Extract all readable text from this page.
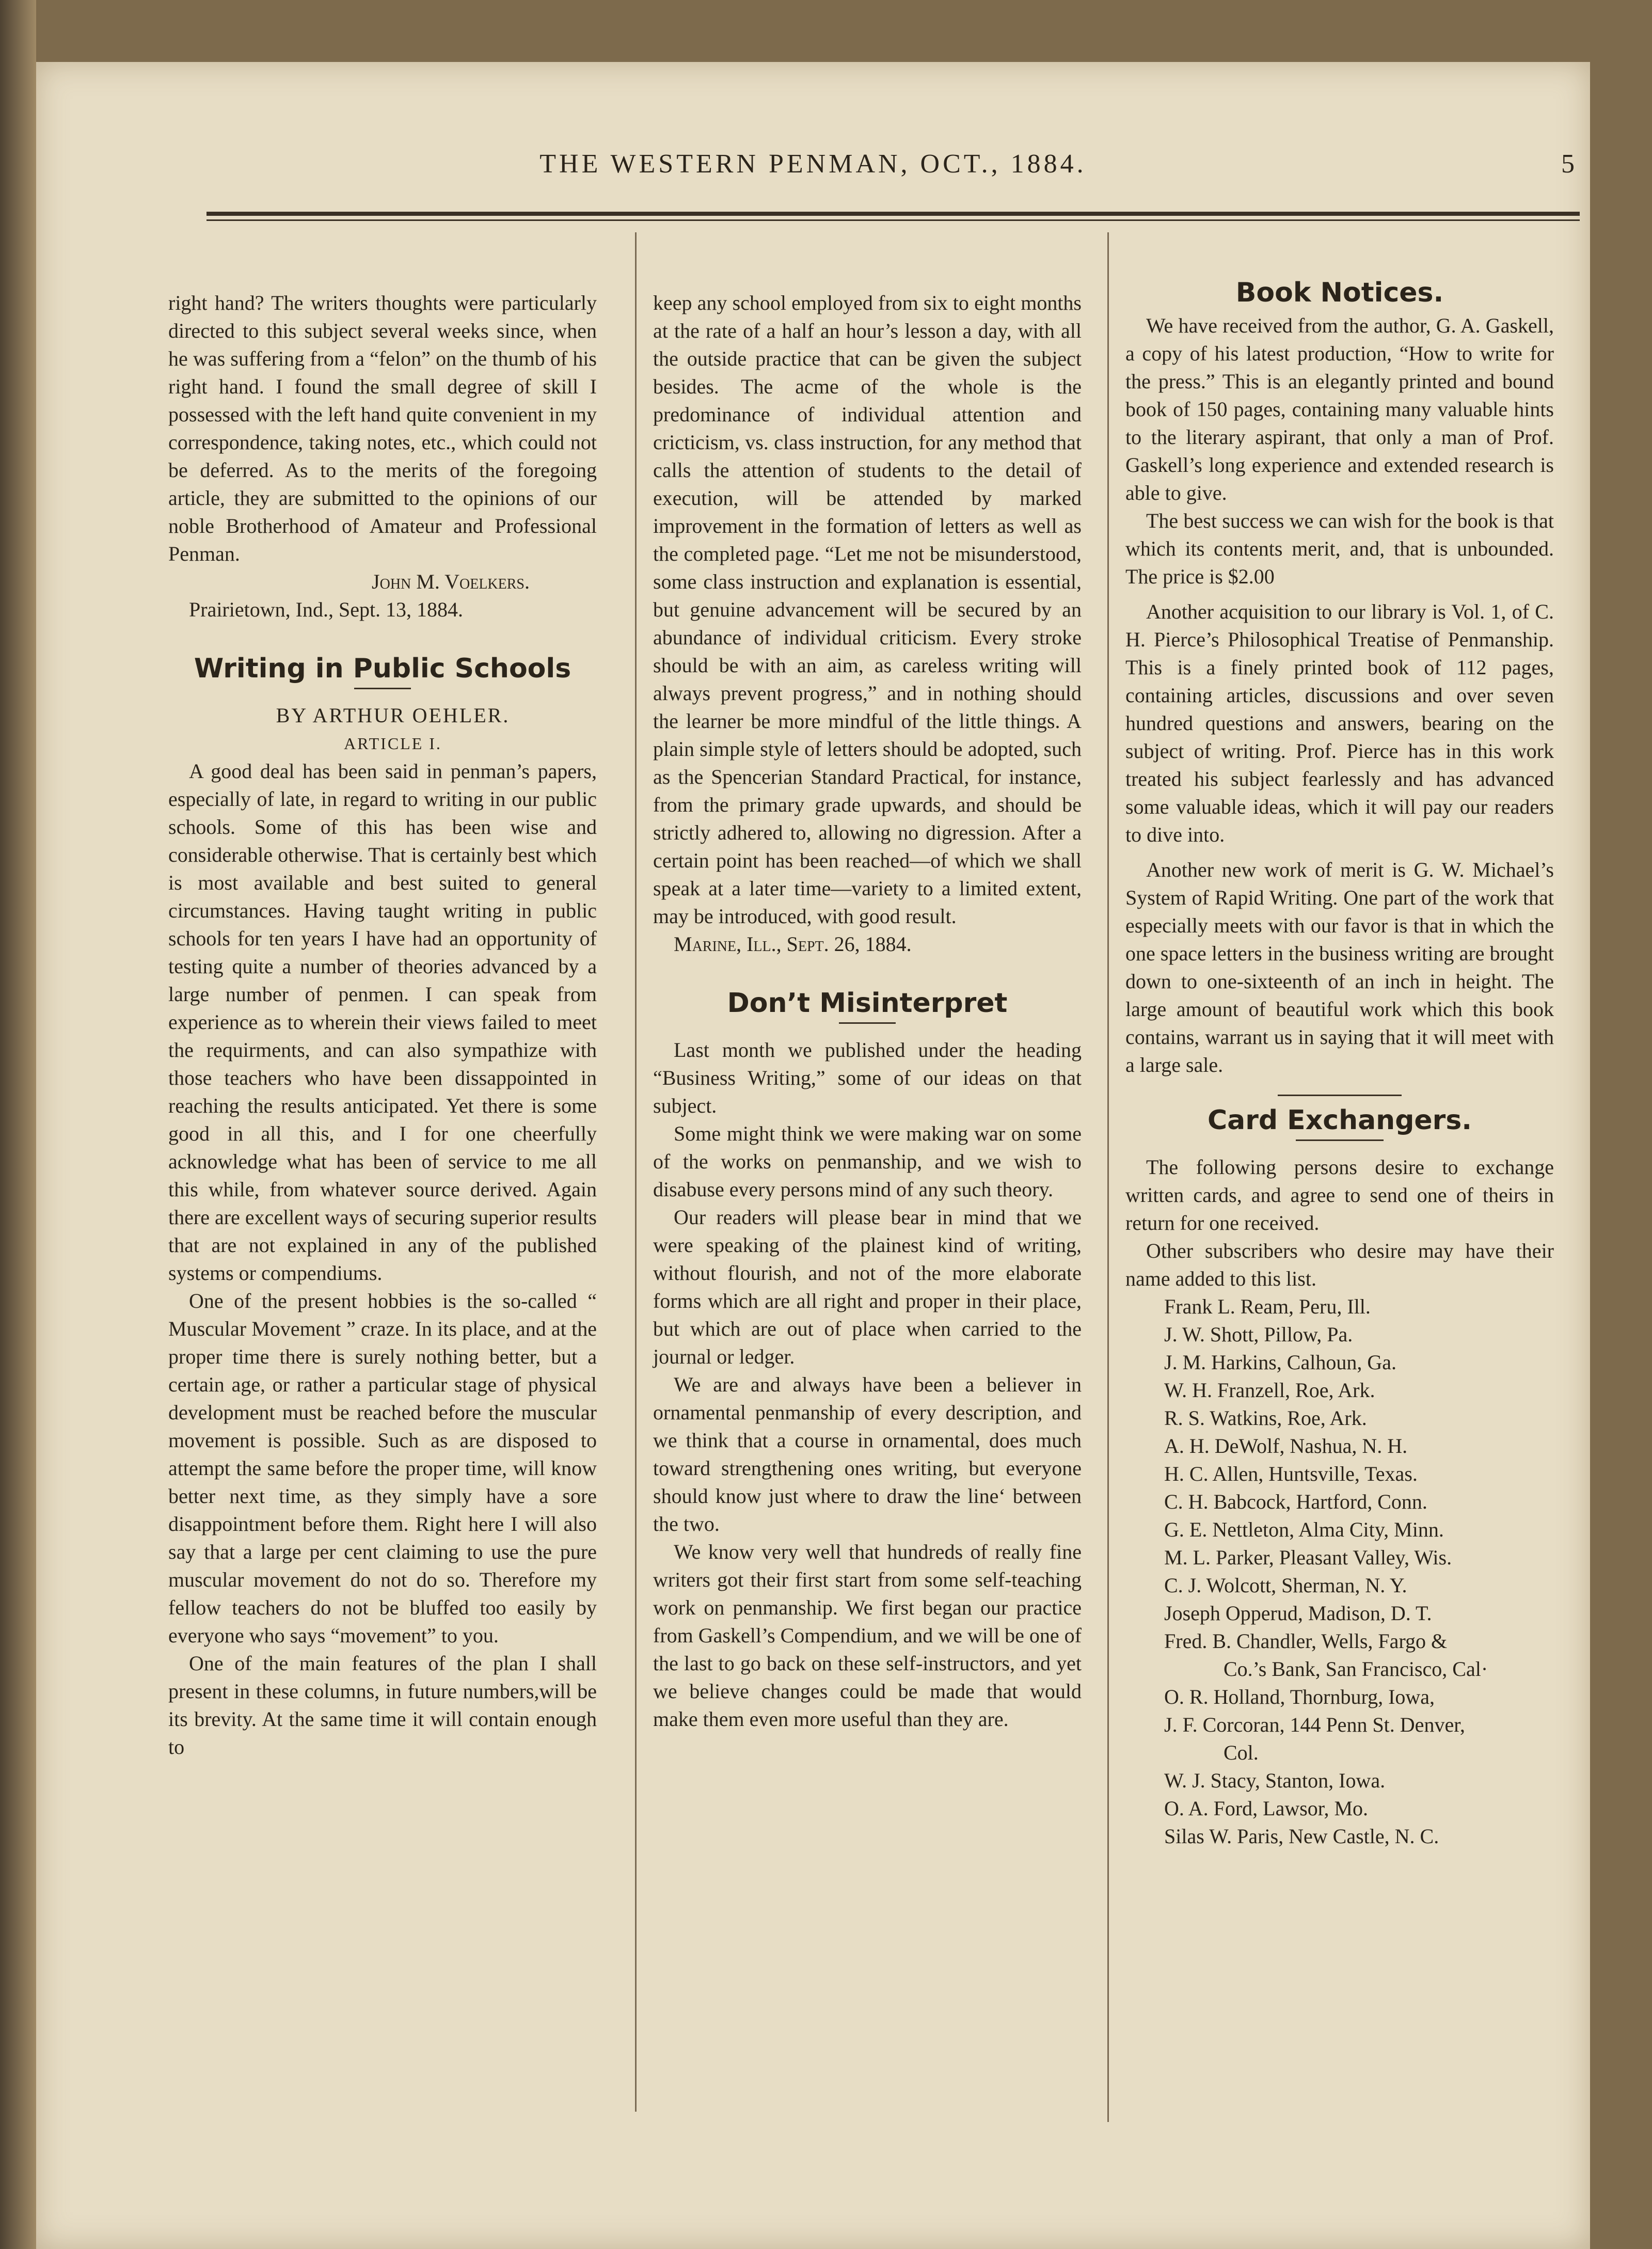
THE WESTERN PENMAN, OCT., 1884.	5

right hand? The writers thoughts were particularly directed to this subject several weeks since, when he was suffering from a “felon” on the thumb of his right hand. I found the small degree of skill I possessed with the left hand quite convenient in my correspondence, taking notes, etc., which could not be deferred. As to the merits of the foregoing article, they are submitted to the opinions of our noble Brotherhood of Amateur and Professional Penman.

John M. Voelkers.

Prairietown, Ind., Sept. 13, 1884.

Writing in Public Schools

BY ARTHUR OEHLER.

ARTICLE I.

A good deal has been said in penman’s papers, especially of late, in regard to writing in our public schools. Some of this has been wise and considerable otherwise. That is certainly best which is most available and best suited to general circumstances. Having taught writing in public schools for ten years I have had an opportunity of testing quite a number of theories advanced by a large number of penmen. I can speak from experience as to wherein their views failed to meet the requirments, and can also sympathize with those teachers who have been dissappointed in reaching the results anticipated. Yet there is some good in all this, and I for one cheerfully acknowledge what has been of service to me all this while, from whatever source derived. Again there are excellent ways of securing superior results that are not explained in any of the published systems or compendiums.

One of the present hobbies is the so-called “ Muscular Movement ” craze. In its place, and at the proper time there is surely nothing better, but a certain age, or rather a particular stage of physical development must be reached before the muscular movement is possible. Such as are disposed to attempt the same before the proper time, will know better next time, as they simply have a sore disappointment before them. Right here I will also say that a large per cent claiming to use the pure muscular movement do not do so. Therefore my fellow teachers do not be bluffed too easily by everyone who says “movement” to you.

One of the main features of the plan I shall present in these columns, in future numbers,will be its brevity. At the same time it will contain enough to

keep any school employed from six to eight months at the rate of a half an hour’s lesson a day, with all the outside practice that can be given the subject besides. The acme of the whole is the predominance of individual attention and cricticism, vs. class instruction, for any method that calls the attention of students to the detail of execution, will be attended by marked improvement in the formation of letters as well as the completed page. “Let me not be misunderstood, some class instruction and explanation is essential, but genuine advancement will be secured by an abundance of individual criticism. Every stroke should be with an aim, as careless writing will always prevent progress,” and in nothing should the learner be more mindful of the little things. A plain simple style of letters should be adopted, such as the Spencerian Standard Practical, for instance, from the primary grade upwards, and should be strictly adhered to, allowing no digression. After a certain point has been reached—of which we shall speak at a later time—variety to a limited extent, may be introduced, with good result.

Marine, Ill., Sept. 26, 1884.

Don’t Misinterpret

Last month we published under the heading “Business Writing,” some of our ideas on that subject.

Some might think we were making war on some of the works on penmanship, and we wish to disabuse every persons mind of any such theory.

Our readers will please bear in mind that we were speaking of the plainest kind of writing, without flourish, and not of the more elaborate forms which are all right and proper in their place, but which are out of place when carried to the journal or ledger.

We are and always have been a believer in ornamental penmanship of every description, and we think that a course in ornamental, does much toward strengthening ones writing, but everyone should know just where to draw the line‘ between the two.

We know very well that hundreds of really fine writers got their first start from some self-teaching work on penmanship. We first began our practice from Gaskell’s Compendium, and we will be one of the last to go back on these self-instructors, and yet we believe changes could be made that would make them even more useful than they are.

Book Notices.

We have received from the author, G. A. Gaskell, a copy of his latest production, “How to write for the press.” This is an elegantly printed and bound book of 150 pages, containing many valuable hints to the literary aspirant, that only a man of Prof. Gaskell’s long experience and extended research is able to give.

The best success we can wish for the book is that which its contents merit, and, that is unbounded. The price is $2.00

Another acquisition to our library is Vol. 1, of C. H. Pierce’s Philosophical Treatise of Penmanship. This is a finely printed book of 112 pages, containing articles, discussions and over seven hundred questions and answers, bearing on the subject of writing. Prof. Pierce has in this work treated his subject fearlessly and has advanced some valuable ideas, which it will pay our readers to dive into.

Another new work of merit is G. W. Michael’s System of Rapid Writing. One part of the work that especially meets with our favor is that in which the one space letters in the business writing are brought down to one-sixteenth of an inch in height. The large amount of beautiful work which this book contains, warrant us in saying that it will meet with a large sale.

Card Exchangers.

The following persons desire to exchange written cards, and agree to send one of theirs in return for one received.

Other subscribers who desire may have their name added to this list.

Frank L. Ream, Peru, Ill.
J. W. Shott, Pillow, Pa.
J. M. Harkins, Calhoun, Ga.
W. H. Franzell, Roe, Ark.
R. S. Watkins, Roe, Ark.
A. H. DeWolf, Nashua, N. H.
H. C. Allen, Huntsville, Texas.
C. H. Babcock, Hartford, Conn.
G. E. Nettleton, Alma City, Minn.
M. L. Parker, Pleasant Valley, Wis.
C. J. Wolcott, Sherman, N. Y.
Joseph Opperud, Madison, D. T.
Fred. B. Chandler, Wells, Fargo &
Co.’s Bank, San Francisco, Cal·
O. R. Holland, Thornburg, Iowa,
J. F. Corcoran, 144 Penn St. Denver,
Col.
W. J. Stacy, Stanton, Iowa.
O. A. Ford, Lawsor, Mo.
Silas W. Paris, New Castle, N. C.
